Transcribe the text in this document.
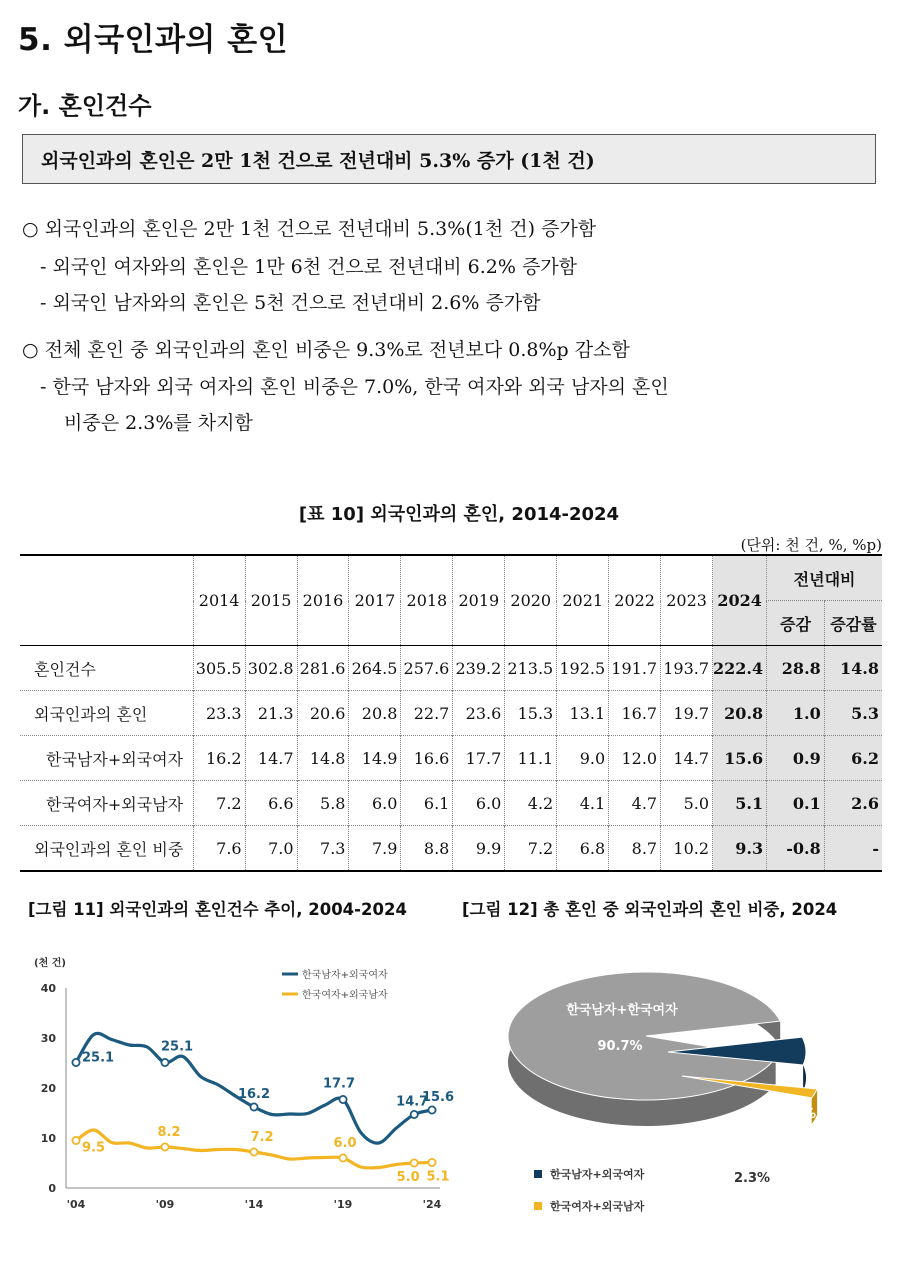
5. 외국인과의 혼인
가. 혼인건수
외국인과의 혼인은 2만 1천 건으로 전년대비 5.3% 증가 (1천 건)
○ 외국인과의 혼인은 2만 1천 건으로 전년대비 5.3%(1천 건) 증가함
- 외국인 여자와의 혼인은 1만 6천 건으로 전년대비 6.2% 증가함
- 외국인 남자와의 혼인은 5천 건으로 전년대비 2.6% 증가함
○ 전체 혼인 중 외국인과의 혼인 비중은 9.3%로 전년보다 0.8%p 감소함
- 한국 남자와 외국 여자의 혼인 비중은 7.0%, 한국 여자와 외국 남자의 혼인
비중은 2.3%를 차지함
[표 10] 외국인과의 혼인, 2014-2024
(단위: 천 건, %, %p)
	2014	2015	2016	2017	2018	2019	2020	2021	2022	2023	2024	전년대비	
												증감	증감률
혼인건수	305.5	302.8	281.6	264.5	257.6	239.2	213.5	192.5	191.7	193.7	222.4	28.8	14.8
외국인과의 혼인	23.3	21.3	20.6	20.8	22.7	23.6	15.3	13.1	16.7	19.7	20.8	1.0	5.3
한국남자+외국여자	16.2	14.7	14.8	14.9	16.6	17.7	11.1	9.0	12.0	14.7	15.6	0.9	6.2
한국여자+외국남자	7.2	6.6	5.8	6.0	6.1	6.0	4.2	4.1	4.7	5.0	5.1	0.1	2.6
외국인과의 혼인 비중	7.6	7.0	7.3	7.9	8.8	9.9	7.2	6.8	8.7	10.2	9.3	-0.8	-
[그림 11] 외국인과의 혼인건수 추이, 2004-2024	[그림 12] 총 혼인 중 외국인과의 혼인 비중, 2024
(천 건)
40
30
20
10
0
'04	'09	'14	'19	'24
25.1
25.1
16.2
17.7
14.7
15.6
9.5
8.2	7.2	6.0
5.0 5.1
한국남자+외국여자
한국여자+외국남자
한국남자+한국여자
90.7%
7.0%
2.3%
한국남자+외국여자
한국여자+외국남자
